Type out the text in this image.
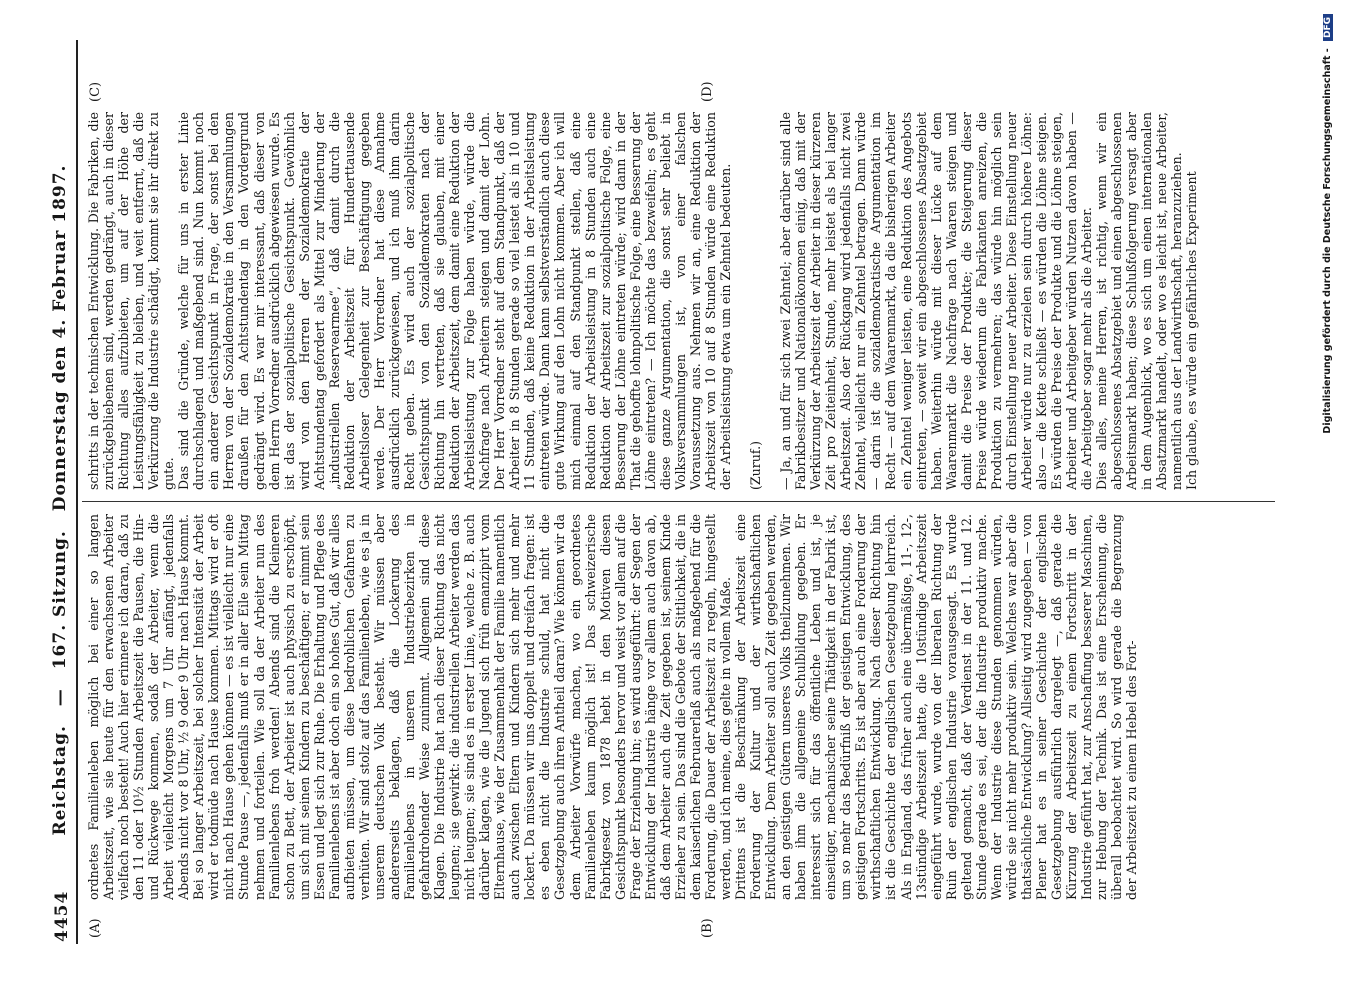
4454
Reichstag. — 167. Sitzung. Donnerstag den 4. Februar 1897.
(A)	(B)
(C)	(D)
ordnetes Familienleben möglich bei einer so langen Arbeitszeit, wie sie heute für den erwachsenen Arbeiter vielfach noch besteht! Auch hier erinnere ich daran, daß zu den 11 oder 10½ Stunden Arbeitszeit die Pausen, die Hin- und Rückwege kommen, sodaß der Arbeiter, wenn die Arbeit vielleicht Morgens um 7 Uhr anfängt, jedenfalls Abends nicht vor 8 Uhr, ½ 9 oder 9 Uhr nach Hause kommt. Bei so langer Arbeitszeit, bei solcher Intensität der Arbeit wird er todmüde nach Hause kommen. Mittags wird er oft nicht nach Hause gehen können — es ist vielleicht nur eine Stunde Pause —, jedenfalls muß er in aller Eile sein Mittag nehmen und forteilen. Wie soll da der Arbeiter nun des Familienlebens froh werden! Abends sind die Kleineren schon zu Bett, der Arbeiter ist auch physisch zu erschöpft, um sich mit seinen Kindern zu beschäftigen; er nimmt sein Essen und legt sich zur Ruhe. Die Erhaltung und Pflege des Familienlebens ist aber doch ein so hohes Gut, daß wir alles aufbieten müssen, um diese bedrohlichen Gefahren zu verhüten. Wir sind stolz auf das Familienleben, wie es ja in unserem deutschen Volk besteht. Wir müssen aber andererseits beklagen, daß die Lockerung des Familienlebens in unseren Industriebezirken in gefahrdrohender Weise zunimmt. Allgemein sind diese Klagen. Die Industrie hat nach dieser Richtung das nicht leugnen; sie gewirkt: die industriellen Arbeiter werden das nicht leugnen; sie sind es in erster Linie, welche z. B. auch darüber klagen, wie die Jugend sich früh emanzipirt vom Elternhause, wie der Zusammenhalt der Familie namentlich auch zwischen Eltern und Kindern sich mehr und mehr lockert. Da müssen wir uns doppelt und dreifach fragen: ist es eben nicht die Industrie schuld, hat nicht die Gesetzgebung auch ihren Antheil daran? Wie können wir da dem Arbeiter Vorwürfe machen, wo ein geordnetes Familienleben kaum möglich ist! Das schweizerische Fabrikgesetz von 1878 hebt in den Motiven diesen Gesichtspunkt besonders hervor und weist vor allem auf die Frage der Erziehung hin; es wird ausgeführt: der Segen der Entwicklung der Industrie hänge vor allem auch davon ab, daß dem Arbeiter auch die Zeit gegeben ist, seinem Kinde Erzieher zu sein. Das sind die Gebote der Sittlichkeit, die in dem kaiserlichen Februarerlaß auch als maßgebend für die Forderung, die Dauer der Arbeitszeit zu regeln, hingestellt werden, und ich meine, dies gelte in vollem Maße.
Drittens ist die Beschränkung der Arbeitszeit eine Forderung der Kultur und der wirthschaftlichen Entwicklung. Dem Arbeiter soll auch Zeit gegeben werden, an den geistigen Gütern unseres Volks theilzunehmen. Wir haben ihm die allgemeine Schulbildung gegeben. Er interessirt sich für das öffentliche Leben und ist, je einseitiger, mechanischer seine Thätigkeit in der Fabrik ist, um so mehr das Bedürfniß der geistigen Entwicklung, des geistigen Fortschritts. Es ist aber auch eine Forderung der wirthschaftlichen Entwicklung. Nach dieser Richtung hin ist die Geschichte der englischen Gesetzgebung lehrreich. Als in England, das früher auch eine übermäßige, 11-, 12-, 13stündige Arbeitszeit hatte, die 10stündige Arbeitszeit eingeführt wurde, wurde von der liberalen Richtung der Ruin der englischen Industrie vorausgesagt. Es wurde geltend gemacht, daß der Verdienst in der 11. und 12. Stunde gerade es sei, der die Industrie produktiv mache. Wenn der Industrie diese Stunden genommen würden, würde sie nicht mehr produktiv sein. Welches war aber die thatsächliche Entwicklung? Allseitig wird zugegeben — von Plener hat es in seiner Geschichte der englischen Gesetzgebung ausführlich dargelegt —, daß gerade die Kürzung der Arbeitszeit zu einem Fortschritt in der Industrie geführt hat, zur Anschaffung besserer Maschinen, zur Hebung der Technik. Das ist eine Erscheinung, die überall beobachtet wird. So wird gerade die Begrenzung der Arbeitszeit zu einem Hebel des Fort-
schritts in der technischen Entwicklung. Die Fabriken, die zurückgebliebenen sind, werden gedrängt, auch in dieser Richtung alles aufzubieten, um auf der Höhe der Leistungsfähigkeit zu bleiben, und weit entfernt, daß die Verkürzung die Industrie schädigt, kommt sie ihr direkt zu gute.
Das sind die Gründe, welche für uns in erster Linie durchschlagend und maßgebend sind. Nun kommt noch ein anderer Gesichtspunkt in Frage, der sonst bei den Herren von der Sozialdemokratie in den Versammlungen draußen für den Achtstundentag in den Vordergrund gedrängt wird. Es war mir interessant, daß dieser von dem Herrn Vorredner ausdrücklich abgewiesen wurde. Es ist das der sozialpolitische Gesichtspunkt. Gewöhnlich wird von den Herren der Sozialdemokratie der Achtstundentag gefordert als Mittel zur Minderung der „industriellen Reservearmee“, daß damit durch die Reduktion der Arbeitszeit für Hunderttausende Arbeitsloser Gelegenheit zur Beschäftigung gegeben werde. Der Herr Vorredner hat diese Annahme ausdrücklich zurückgewiesen, und ich muß ihm darin Recht geben. Es wird auch der sozialpolitische Gesichtspunkt von den Sozialdemokraten nach der Richtung hin vertreten, daß sie glauben, mit einer Reduktion der Arbeitszeit, dem damit eine Reduktion der Arbeitsleistung zur Folge haben würde, würde die Nachfrage nach Arbeitern steigen und damit der Lohn. Der Herr Vorredner steht auf dem Standpunkt, daß der Arbeiter in 8 Stunden gerade so viel leistet als in 10 und 11 Stunden, daß keine Reduktion in der Arbeitsleistung eintreten würde. Dann kann selbstverständlich auch diese gute Wirkung auf den Lohn nicht kommen. Aber ich will mich einmal auf den Standpunkt stellen, daß eine Reduktion der Arbeitsleistung in 8 Stunden auch eine Reduktion der Arbeitszeit zur sozialpolitische Folge, eine Besserung der Löhne eintreten würde; wird dann in der That die gehoffte lohnpolitische Folge, eine Besserung der Löhne eintreten? — Ich möchte das bezweifeln; es geht diese ganze Argumentation, die sonst sehr beliebt in Volksversammlungen ist, von einer falschen Voraussetzung aus. Nehmen wir an, eine Reduktion der Arbeitszeit von 10 auf 8 Stunden würde eine Reduktion der Arbeitsleistung etwa um ein Zehntel bedeuten.

(Zuruf.)

— Ja, an und für sich zwei Zehntel; aber darüber sind alle Fabrikbesitzer und Nationalökonomen einig, daß mit der Verkürzung der Arbeitszeit der Arbeiter in dieser kürzeren Zeit pro Zeiteinheit, Stunde, mehr leistet als bei langer Arbeitszeit. Also der Rückgang wird jedenfalls nicht zwei Zehntel, vielleicht nur ein Zehntel betragen. Dann würde — darin ist die sozialdemokratische Argumentation im Recht — auf dem Waarenmarkt, da die bisherigen Arbeiter ein Zehntel weniger leisten, eine Reduktion des Angebots eintreten, — soweit wir ein abgeschlossenes Absatzgebiet haben. Weiterhin würde mit dieser Lücke auf dem Waarenmarkt die Nachfrage nach Waaren steigen und damit die Preise der Produkte; die Steigerung dieser Preise würde wiederum die Fabrikanten anreizen, die Produktion zu vermehren; das würde hin möglich sein durch Einstellung neuer Arbeiter. Diese Einstellung neuer Arbeiter würde nur zu erzielen sein durch höhere Löhne: also — die Kette schließt — es würden die Löhne steigen. Es würden die Preise der Produkte und die Löhne steigen, Arbeiter und Arbeitgeber würden Nutzen davon haben — die Arbeitgeber sogar mehr als die Arbeiter.
Dies alles, meine Herren, ist richtig, wenn wir ein abgeschlossenes Absatzgebiet und einen abgeschlossenen Arbeitsmarkt haben; diese Schlußfolgerung versagt aber in dem Augenblick, wo es sich um einen internationalen Absatzmarkt handelt, oder wo es leicht ist, neue Arbeiter, namentlich aus der Landwirthschaft, heranzuziehen.
Ich glaube, es würde ein gefährliches Experiment	Digitalisierung gefördert durch die Deutsche Forschungsgemeinschaft - DFG
